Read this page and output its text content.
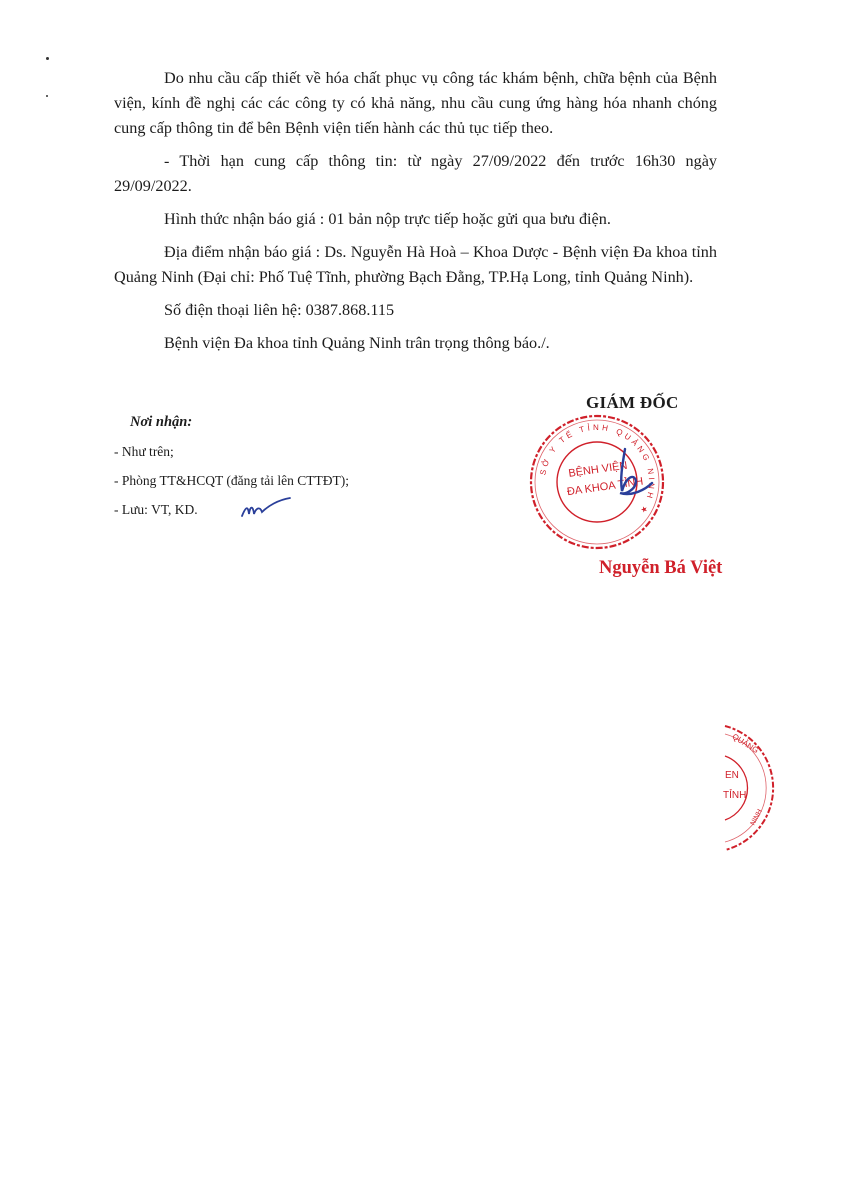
Do nhu cầu cấp thiết về hóa chất phục vụ công tác khám bệnh, chữa bệnh của Bệnh viện, kính đề nghị các các công ty có khả năng, nhu cầu cung ứng hàng hóa nhanh chóng cung cấp thông tin để bên Bệnh viện tiến hành các thủ tục tiếp theo.

- Thời hạn cung cấp thông tin: từ ngày 27/09/2022 đến trước 16h30 ngày 29/09/2022.

Hình thức nhận báo giá : 01 bản nộp trực tiếp hoặc gửi qua bưu điện.

Địa điểm nhận báo giá : Ds. Nguyễn Hà Hoà – Khoa Dược - Bệnh viện Đa khoa tỉnh Quảng Ninh (Đại chỉ: Phố Tuệ Tĩnh, phường Bạch Đằng, TP.Hạ Long, tỉnh Quảng Ninh).

Số điện thoại liên hệ: 0387.868.115

Bệnh viện Đa khoa tỉnh Quảng Ninh trân trọng thông báo./.

Nơi nhận:
- Như trên;
- Phòng TT&HCQT (đăng tải lên CTTĐT);
- Lưu: VT, KD.
GIÁM ĐỐC
SỞ Y TẾ TỈNH QUẢNG NINH ★
BỆNH VIỆN
ĐA KHOA TỈNH
Nguyễn Bá Việt
QUẢNG
EN
TỈNH
NINH
